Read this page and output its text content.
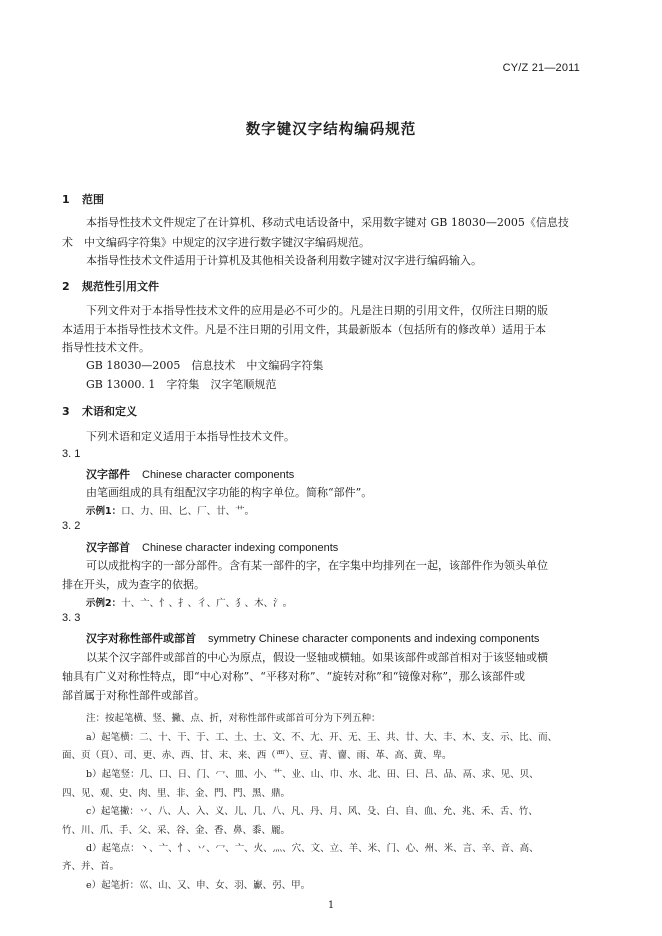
CY/Z 21—2011
数字键汉字结构编码规范
1 范围
本指导性技术文件规定了在计算机、移动式电话设备中，采用数字键对 GB 18030—2005《信息技
术　中文编码字符集》中规定的汉字进行数字键汉字编码规范。
本指导性技术文件适用于计算机及其他相关设备利用数字键对汉字进行编码输入。
2 规范性引用文件
下列文件对于本指导性技术文件的应用是必不可少的。凡是注日期的引用文件，仅所注日期的版
本适用于本指导性技术文件。凡是不注日期的引用文件，其最新版本（包括所有的修改单）适用于本
指导性技术文件。
GB 18030—2005　信息技术　中文编码字符集
GB 13000. 1　字符集　汉字笔顺规范
3 术语和定义
下列术语和定义适用于本指导性技术文件。
3. 1
汉字部件 Chinese character components
由笔画组成的具有组配汉字功能的构字单位。简称“部件”。
示例1：口、力、田、匕、厂、廿、艹。
3. 2
汉字部首 Chinese character indexing components
可以成批构字的一部分部件。含有某一部件的字，在字集中均排列在一起，该部件作为领头单位
排在开头，成为查字的依据。
示例2：十、亠、忄、扌、彳、广、犭、木、氵。
3. 3
汉字对称性部件或部首 symmetry Chinese character components and indexing components
以某个汉字部件或部首的中心为原点，假设一竖轴或横轴。如果该部件或部首相对于该竖轴或横
轴具有广义对称性特点，即“中心对称”、“平移对称”、“旋转对称”和“镜像对称”，那么该部件或
部首属于对称性部件或部首。
注：按起笔横、竖、撇、点、折，对称性部件或部首可分为下列五种：
a）起笔横：二、十、干、于、工、土、士、文、不、尢、开、无、王、共、廿、大、丰、木、支、示、比、而、
面、页（頁）、司、更、赤、西、甘、末、来、西（覀）、豆、青、夁、雨、革、高、黄、卑。
b）起笔竖：几、口、日、门、冖、皿、小、艹、业、山、巾、水、北、田、曰、吕、品、鬲、求、见、贝、
四、见、观、史、肉、里、非、金、門、門、黑、鼎。
c）起笔撇：丷、八、人、入、义、儿、几、八、凡、丹、月、风、殳、白、自、血、允、兆、禾、舌、竹、
竹、川、爪、手、父、采、谷、金、香、鼻、黍、龎。
d）起笔点：丶、亠、忄、丷、冖、亠、火、灬、穴、文、立、羊、米、门、心、州、米、言、辛、音、高、
齐、并、首。
e）起笔折：巛、山、又、申、女、羽、巚、弜、甲。
1
